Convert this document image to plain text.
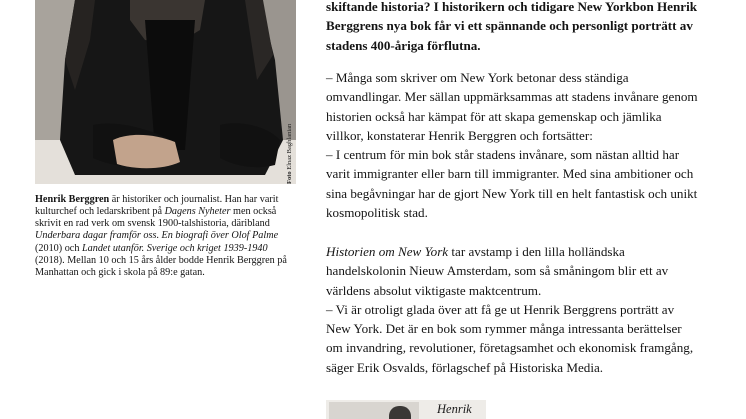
Foto Elnaz Baghlanian

Henrik Berggren är historiker och journalist. Han har varit kulturchef och ledarskribent på Dagens Nyheter men också skrivit en rad verk om svensk 1900-talshistoria, däribland Underbara dagar framför oss. En biografi över Olof Palme (2010) och Landet utanför. Sverige och kriget 1939-1940 (2018). Mellan 10 och 15 års ålder bodde Henrik Berggren på Manhattan och gick i skola på 89:e gatan.

skiftande historia? I historikern och tidigare New Yorkbon Henrik Berggrens nya bok får vi ett spännande och personligt porträtt av stadens 400-åriga förflutna.

– Många som skriver om New York betonar dess ständiga omvandlingar. Mer sällan uppmärksammas att stadens invånare genom historien också har kämpat för att skapa gemenskap och jämlika villkor, konstaterar Henrik Berggren och fortsätter:

– I centrum för min bok står stadens invånare, som nästan alltid har varit immigranter eller barn till immigranter. Med sina ambitioner och sina begåvningar har de gjort New York till en helt fantastisk och unikt kosmopolitisk stad.

Historien om New York tar avstamp i den lilla holländska handelskolonin Nieuw Amsterdam, som så småningom blir ett av världens absolut viktigaste maktcentrum.

– Vi är otroligt glada över att få ge ut Henrik Berggrens porträtt av New York. Det är en bok som rymmer många intressanta berättelser om invandring, revolutioner, företagsamhet och ekonomisk framgång, säger Erik Osvalds, förlagschef på Historiska Media.

Henrik
